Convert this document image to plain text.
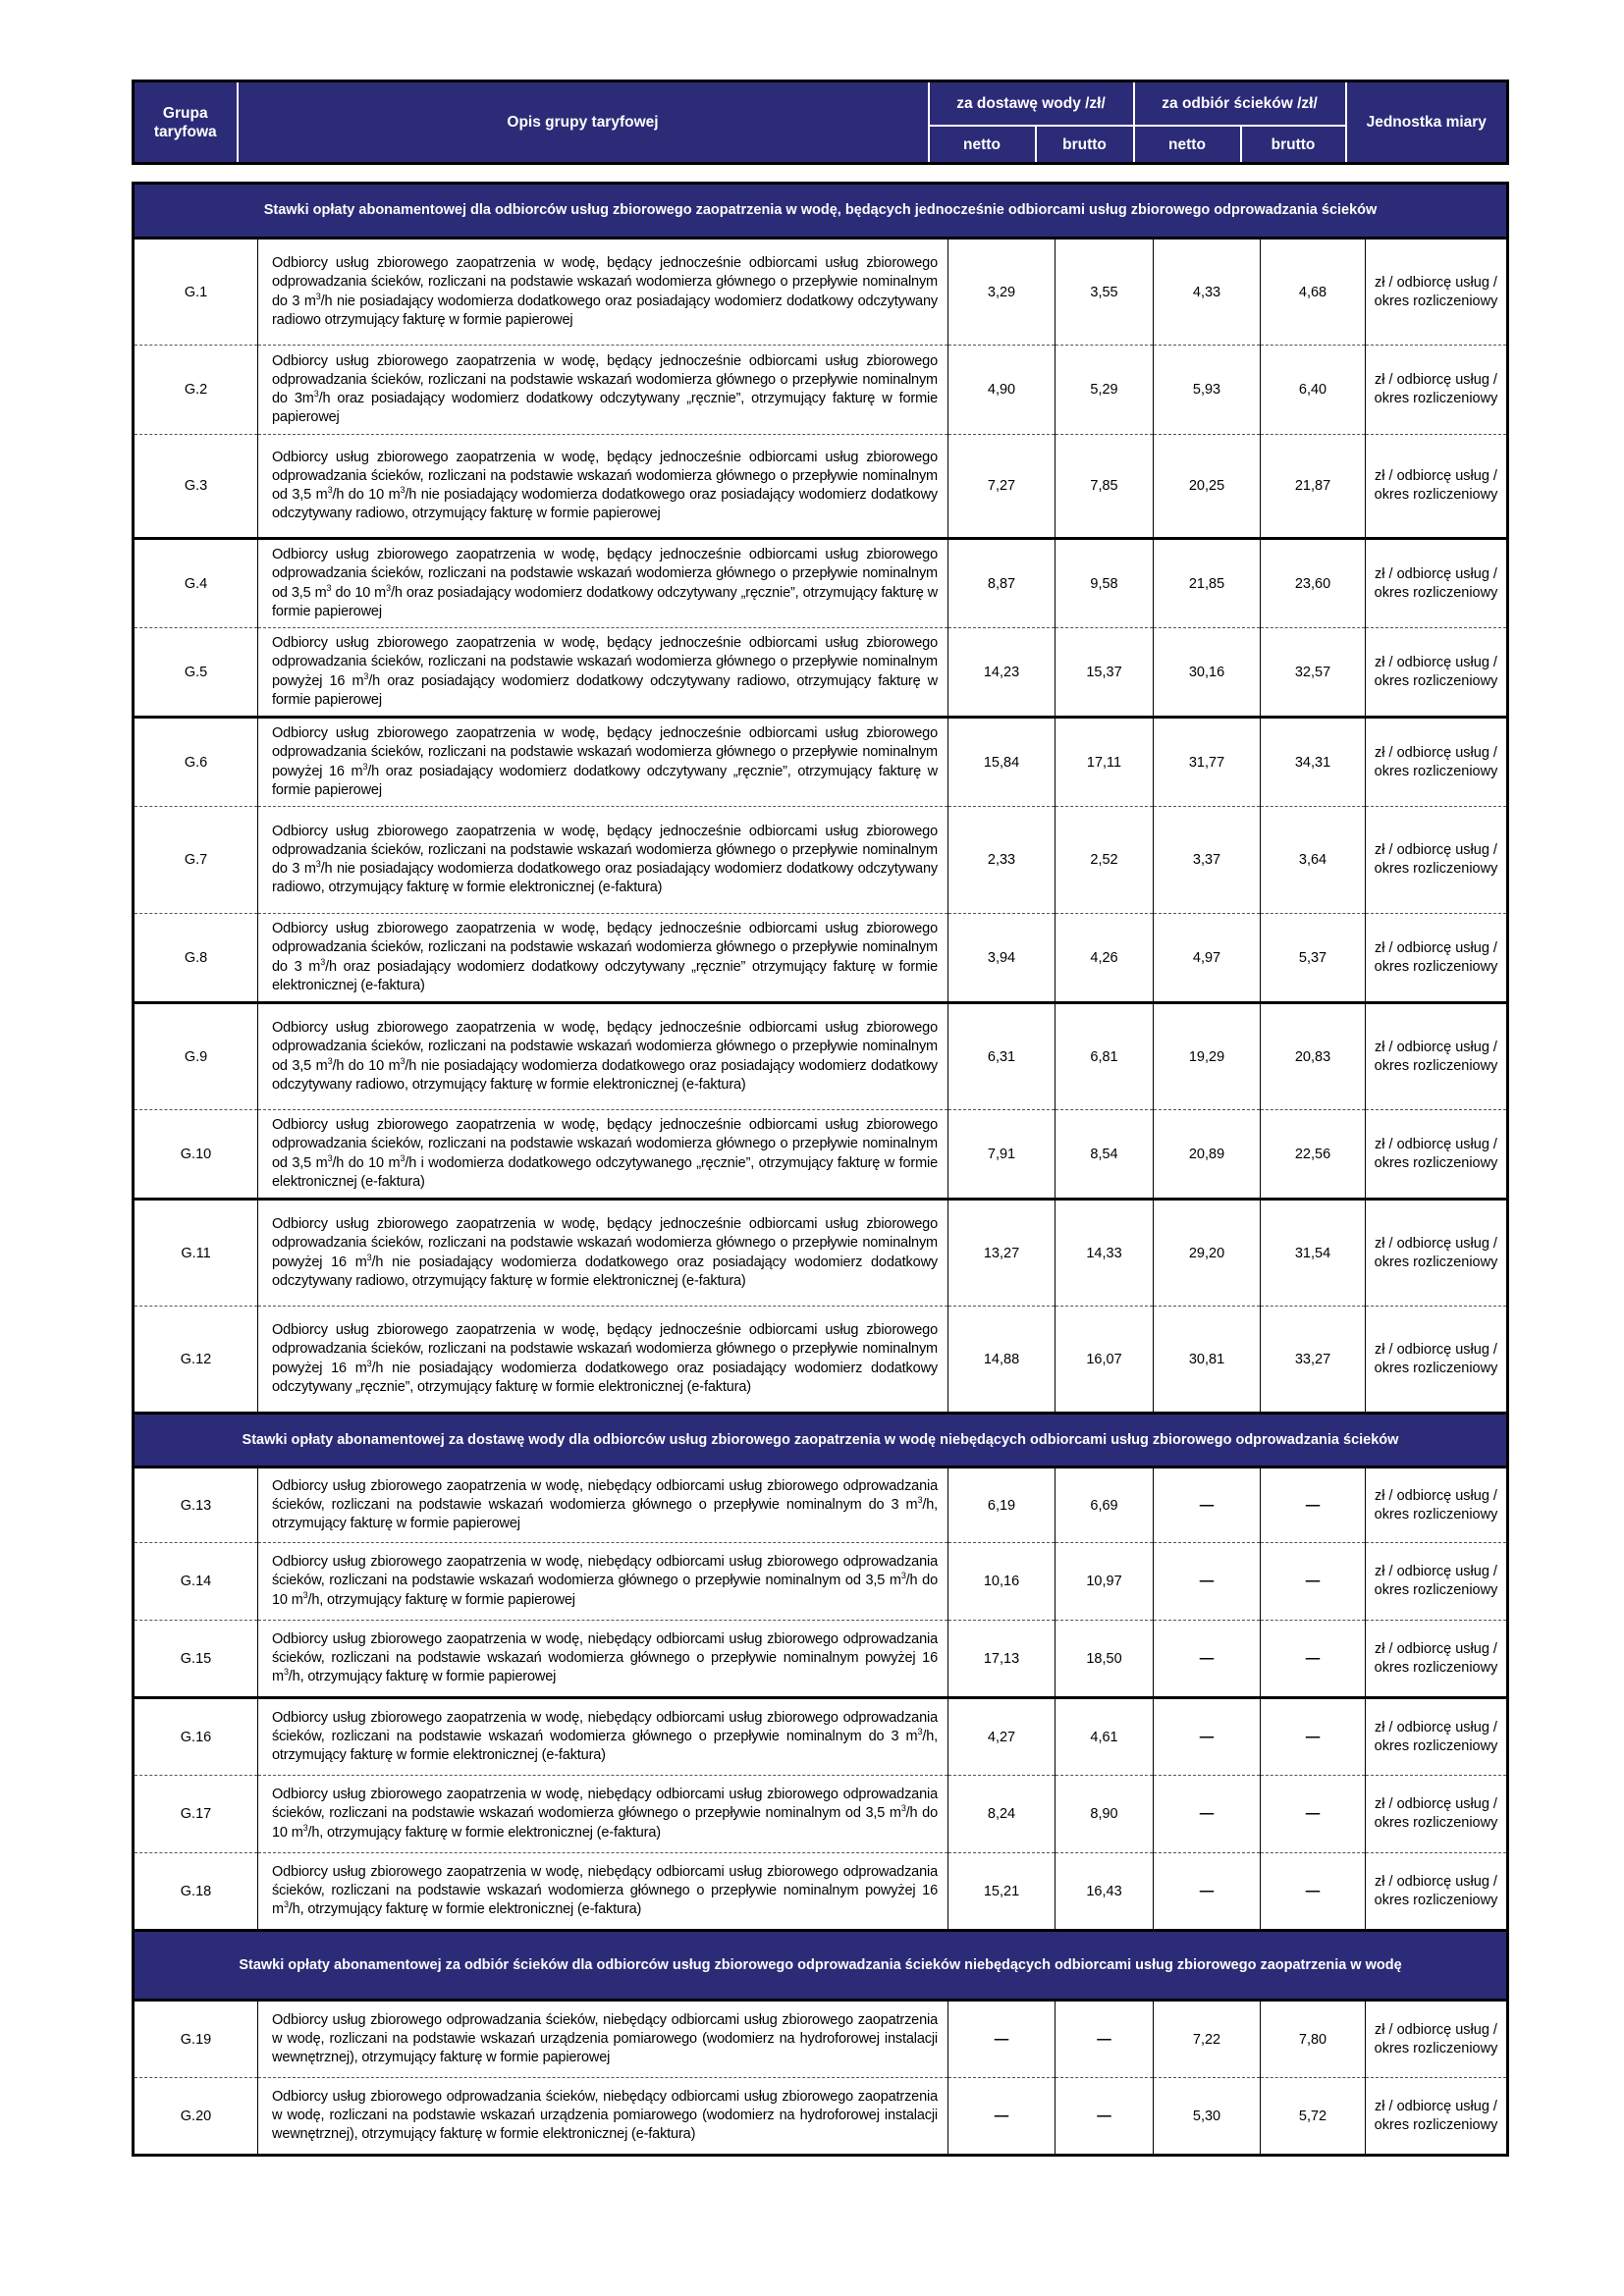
Grupa taryfowa	Opis grupy taryfowej	za dostawę wody /zł/		za odbiór ścieków /zł/		Jednostka miary
		netto	brutto	netto	brutto	
Stawki opłaty abonamentowej dla odbiorców usług zbiorowego zaopatrzenia w wodę, będących jednocześnie odbiorcami usług zbiorowego odprowadzania ścieków						
G.1	Odbiorcy usług zbiorowego zaopatrzenia w wodę, będący jednocześnie odbiorcami usług zbiorowego odprowadzania ścieków, rozliczani na podstawie wskazań wodomierza głównego o przepływie nominalnym do 3 $m^3/h$ nie posiadający wodomierza dodatkowego oraz posiadający wodomierz dodatkowy odczytywany radiowo otrzymujący fakturę w formie papierowej	3,29	3,55	4,33	4,68	zł / odbiorcę usług / okres rozliczeniowy
G.2	Odbiorcy usług zbiorowego zaopatrzenia w wodę, będący jednocześnie odbiorcami usług zbiorowego odprowadzania ścieków, rozliczani na podstawie wskazań wodomierza głównego o przepływie nominalnym do $3m^3/h$ oraz posiadający wodomierz dodatkowy odczytywany „ręcznie”, otrzymujący fakturę w formie papierowej	4,90	5,29	5,93	6,40	zł / odbiorcę usług / okres rozliczeniowy
G.3	Odbiorcy usług zbiorowego zaopatrzenia w wodę, będący jednocześnie odbiorcami usług zbiorowego odprowadzania ścieków, rozliczani na podstawie wskazań wodomierza głównego o przepływie nominalnym od 3,5 $m^3/h$ do 10 $m^3/h$ nie posiadający wodomierza dodatkowego oraz posiadający wodomierz dodatkowy odczytywany radiowo, otrzymujący fakturę w formie papierowej	7,27	7,85	20,25	21,87	zł / odbiorcę usług / okres rozliczeniowy
G.4	Odbiorcy usług zbiorowego zaopatrzenia w wodę, będący jednocześnie odbiorcami usług zbiorowego odprowadzania ścieków, rozliczani na podstawie wskazań wodomierza głównego o przepływie nominalnym od 3,5 $m^3$ do 10 $m^3/h$ oraz posiadający wodomierz dodatkowy odczytywany „ręcznie”, otrzymujący fakturę w formie papierowej	8,87	9,58	21,85	23,60	zł / odbiorcę usług / okres rozliczeniowy
G.5	Odbiorcy usług zbiorowego zaopatrzenia w wodę, będący jednocześnie odbiorcami usług zbiorowego odprowadzania ścieków, rozliczani na podstawie wskazań wodomierza głównego o przepływie nominalnym powyżej 16 $m^3/h$ oraz posiadający wodomierz dodatkowy odczytywany radiowo, otrzymujący fakturę w formie papierowej	14,23	15,37	30,16	32,57	zł / odbiorcę usług / okres rozliczeniowy
G.6	Odbiorcy usług zbiorowego zaopatrzenia w wodę, będący jednocześnie odbiorcami usług zbiorowego odprowadzania ścieków, rozliczani na podstawie wskazań wodomierza głównego o przepływie nominalnym powyżej 16 $m^3/h$ oraz posiadający wodomierz dodatkowy odczytywany „ręcznie”, otrzymujący fakturę w formie papierowej	15,84	17,11	31,77	34,31	zł / odbiorcę usług / okres rozliczeniowy
G.7	Odbiorcy usług zbiorowego zaopatrzenia w wodę, będący jednocześnie odbiorcami usług zbiorowego odprowadzania ścieków, rozliczani na podstawie wskazań wodomierza głównego o przepływie nominalnym do 3 $m^3/h$ nie posiadający wodomierza dodatkowego oraz posiadający wodomierz dodatkowy odczytywany radiowo, otrzymujący fakturę w formie elektronicznej (e-faktura)	2,33	2,52	3,37	3,64	zł / odbiorcę usług / okres rozliczeniowy
G.8	Odbiorcy usług zbiorowego zaopatrzenia w wodę, będący jednocześnie odbiorcami usług zbiorowego odprowadzania ścieków, rozliczani na podstawie wskazań wodomierza głównego o przepływie nominalnym do 3 $m^3/h$ oraz posiadający wodomierz dodatkowy odczytywany „ręcznie” otrzymujący fakturę w formie elektronicznej (e-faktura)	3,94	4,26	4,97	5,37	zł / odbiorcę usług / okres rozliczeniowy
G.9	Odbiorcy usług zbiorowego zaopatrzenia w wodę, będący jednocześnie odbiorcami usług zbiorowego odprowadzania ścieków, rozliczani na podstawie wskazań wodomierza głównego o przepływie nominalnym od 3,5 $m^3/h$ do 10 $m^3/h$ nie posiadający wodomierza dodatkowego oraz posiadający wodomierz dodatkowy odczytywany radiowo, otrzymujący fakturę w formie elektronicznej (e-faktura)	6,31	6,81	19,29	20,83	zł / odbiorcę usług / okres rozliczeniowy
G.10	Odbiorcy usług zbiorowego zaopatrzenia w wodę, będący jednocześnie odbiorcami usług zbiorowego odprowadzania ścieków, rozliczani na podstawie wskazań wodomierza głównego o przepływie nominalnym od 3,5 $m^3/h$ do 10 $m^3/h$ i wodomierza dodatkowego odczytywanego „ręcznie”, otrzymujący fakturę w formie elektronicznej (e-faktura)	7,91	8,54	20,89	22,56	zł / odbiorcę usług / okres rozliczeniowy
G.11	Odbiorcy usług zbiorowego zaopatrzenia w wodę, będący jednocześnie odbiorcami usług zbiorowego odprowadzania ścieków, rozliczani na podstawie wskazań wodomierza głównego o przepływie nominalnym powyżej 16 $m^3/h$ nie posiadający wodomierza dodatkowego oraz posiadający wodomierz dodatkowy odczytywany radiowo, otrzymujący fakturę w formie elektronicznej (e-faktura)	13,27	14,33	29,20	31,54	zł / odbiorcę usług / okres rozliczeniowy
G.12	Odbiorcy usług zbiorowego zaopatrzenia w wodę, będący jednocześnie odbiorcami usług zbiorowego odprowadzania ścieków, rozliczani na podstawie wskazań wodomierza głównego o przepływie nominalnym powyżej 16 $m^3/h$ nie posiadający wodomierza dodatkowego oraz posiadający wodomierz dodatkowy odczytywany „ręcznie”, otrzymujący fakturę w formie elektronicznej (e-faktura)	14,88	16,07	30,81	33,27	zł / odbiorcę usług / okres rozliczeniowy
Stawki opłaty abonamentowej za dostawę wody dla odbiorców usług zbiorowego zaopatrzenia w wodę niebędących odbiorcami usług zbiorowego odprowadzania ścieków						
G.13	Odbiorcy usług zbiorowego zaopatrzenia w wodę, niebędący odbiorcami usług zbiorowego odprowadzania ścieków, rozliczani na podstawie wskazań wodomierza głównego o przepływie nominalnym do 3 $m^3/h$, otrzymujący fakturę w formie papierowej	6,19	6,69	—	—	zł / odbiorcę usług / okres rozliczeniowy
G.14	Odbiorcy usług zbiorowego zaopatrzenia w wodę, niebędący odbiorcami usług zbiorowego odprowadzania ścieków, rozliczani na podstawie wskazań wodomierza głównego o przepływie nominalnym od 3,5 $m^3/h$ do 10 $m^3/h$, otrzymujący fakturę w formie papierowej	10,16	10,97	—	—	zł / odbiorcę usług / okres rozliczeniowy
G.15	Odbiorcy usług zbiorowego zaopatrzenia w wodę, niebędący odbiorcami usług zbiorowego odprowadzania ścieków, rozliczani na podstawie wskazań wodomierza głównego o przepływie nominalnym powyżej 16 $m^3/h$, otrzymujący fakturę w formie papierowej	17,13	18,50	—	—	zł / odbiorcę usług / okres rozliczeniowy
G.16	Odbiorcy usług zbiorowego zaopatrzenia w wodę, niebędący odbiorcami usług zbiorowego odprowadzania ścieków, rozliczani na podstawie wskazań wodomierza głównego o przepływie nominalnym do 3 $m^3/h$, otrzymujący fakturę w formie elektronicznej (e-faktura)	4,27	4,61	—	—	zł / odbiorcę usług / okres rozliczeniowy
G.17	Odbiorcy usług zbiorowego zaopatrzenia w wodę, niebędący odbiorcami usług zbiorowego odprowadzania ścieków, rozliczani na podstawie wskazań wodomierza głównego o przepływie nominalnym od 3,5 $m^3/h$ do 10 $m^3/h$, otrzymujący fakturę w formie elektronicznej (e-faktura)	8,24	8,90	—	—	zł / odbiorcę usług / okres rozliczeniowy
G.18	Odbiorcy usług zbiorowego zaopatrzenia w wodę, niebędący odbiorcami usług zbiorowego odprowadzania ścieków, rozliczani na podstawie wskazań wodomierza głównego o przepływie nominalnym powyżej 16 $m^3/h$, otrzymujący fakturę w formie elektronicznej (e-faktura)	15,21	16,43	—	—	zł / odbiorcę usług / okres rozliczeniowy
Stawki opłaty abonamentowej za odbiór ścieków dla odbiorców usług zbiorowego odprowadzania ścieków niebędących odbiorcami usług zbiorowego zaopatrzenia w wodę						
G.19	Odbiorcy usług zbiorowego odprowadzania ścieków, niebędący odbiorcami usług zbiorowego zaopatrzenia w wodę, rozliczani na podstawie wskazań urządzenia pomiarowego (wodomierz na hydroforowej instalacji wewnętrznej), otrzymujący fakturę w formie papierowej	—	—	7,22	7,80	zł / odbiorcę usług / okres rozliczeniowy
G.20	Odbiorcy usług zbiorowego odprowadzania ścieków, niebędący odbiorcami usług zbiorowego zaopatrzenia w wodę, rozliczani na podstawie wskazań urządzenia pomiarowego (wodomierz na hydroforowej instalacji wewnętrznej), otrzymujący fakturę w formie elektronicznej (e-faktura)	—	—	5,30	5,72	zł / odbiorcę usług / okres rozliczeniowy
